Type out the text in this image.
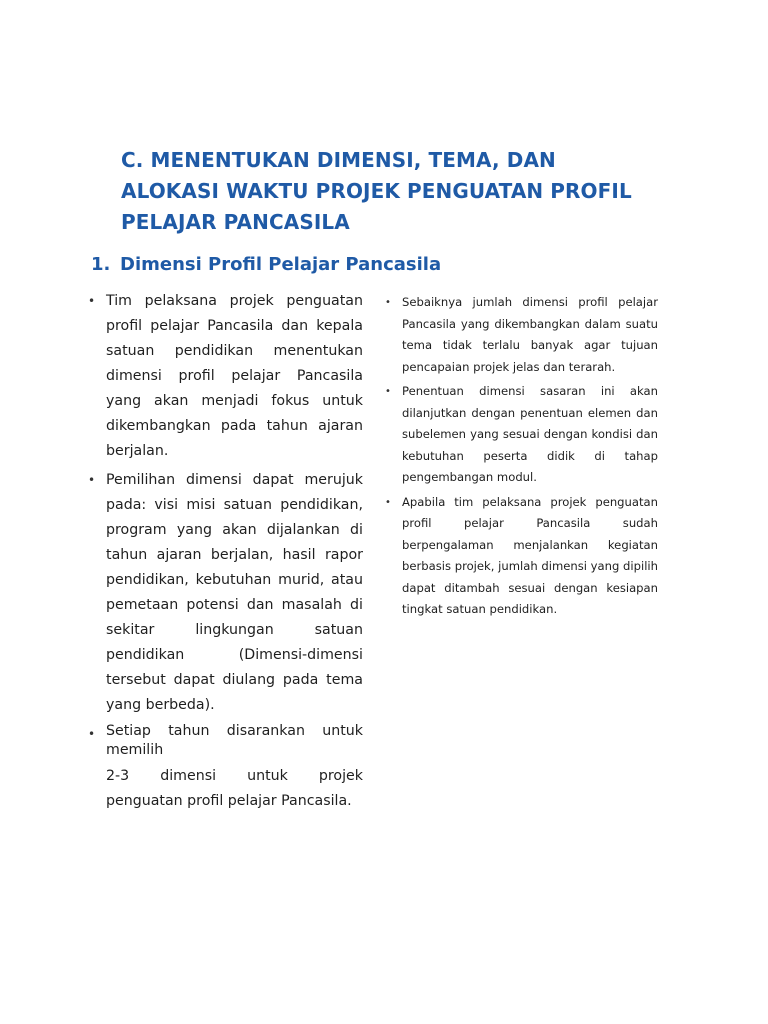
C. MENENTUKAN DIMENSI, TEMA, DAN
ALOKASI WAKTU PROJEK PENGUATAN PROFIL
PELAJAR PANCASILA
1. Dimensi Profil Pelajar Pancasila
• Tim pelaksana projek penguatan profil pelajar Pancasila dan kepala satuan pendidikan menentukan dimensi profil pelajar Pancasila yang akan menjadi fokus untuk dikembangkan pada tahun ajaran berjalan.
• Pemilihan dimensi dapat merujuk pada: visi misi satuan pendidikan, program yang akan dijalankan di tahun ajaran berjalan, hasil rapor pendidikan, kebutuhan murid, atau pemetaan potensi dan masalah di sekitar lingkungan satuan pendidikan (Dimensi-dimensi tersebut dapat diulang pada tema yang berbeda).
• Setiap tahun disarankan untuk
memilih
2-3 dimensi untuk projek
penguatan profil pelajar Pancasila.
• Sebaiknya jumlah dimensi profil pelajar Pancasila yang dikembangkan dalam suatu tema tidak terlalu banyak agar tujuan pencapaian projek jelas dan terarah.
• Penentuan dimensi sasaran ini akan dilanjutkan dengan penentuan elemen dan subelemen yang sesuai dengan kondisi dan kebutuhan peserta didik di tahap pengembangan modul.
• Apabila tim pelaksana projek penguatan profil pelajar Pancasila sudah berpengalaman menjalankan kegiatan berbasis projek, jumlah dimensi yang dipilih dapat ditambah sesuai dengan kesiapan tingkat satuan pendidikan.
